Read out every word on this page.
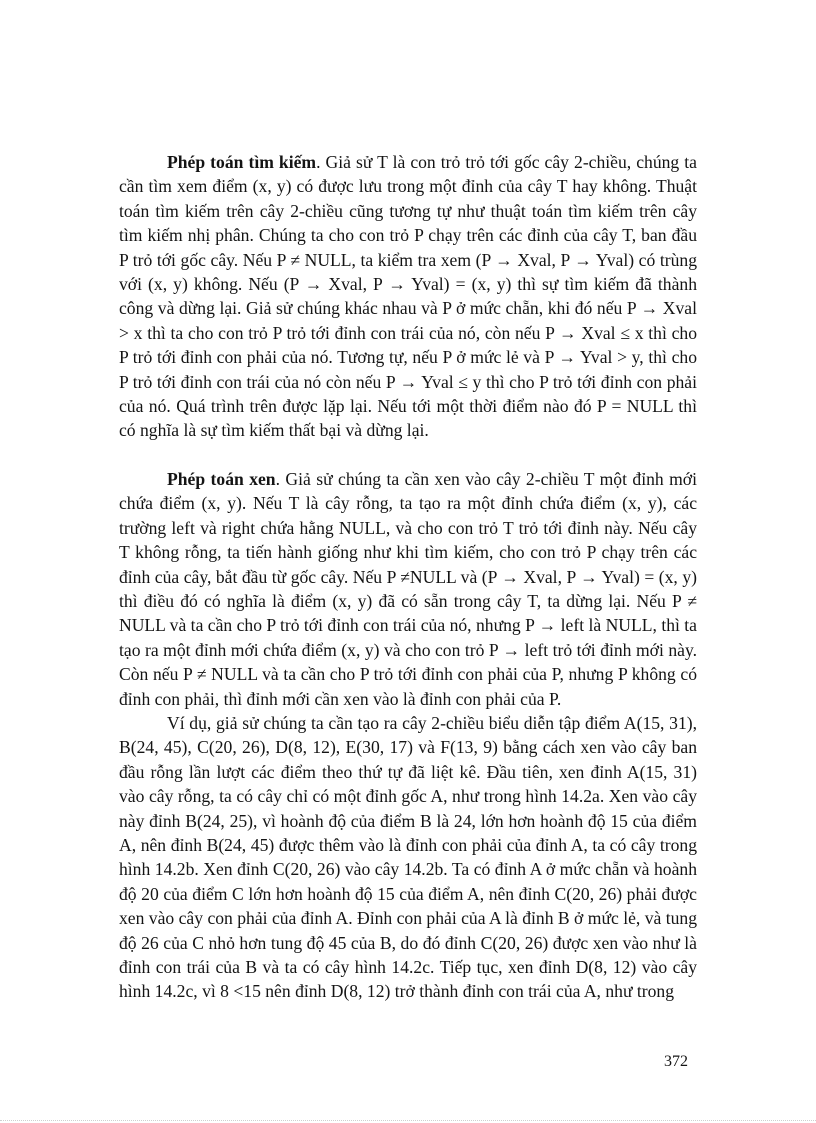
Phép toán tìm kiếm. Giả sử T là con trỏ trỏ tới gốc cây 2-chiều, chúng ta cần tìm xem điểm (x, y) có được lưu trong một đỉnh của cây T hay không. Thuật toán tìm kiếm trên cây 2-chiều cũng tương tự như thuật toán tìm kiếm trên cây tìm kiếm nhị phân. Chúng ta cho con trỏ P chạy trên các đỉnh của cây T, ban đầu P trỏ tới gốc cây. Nếu P ≠ NULL, ta kiểm tra xem (P → Xval, P → Yval) có trùng với (x, y) không. Nếu (P → Xval, P → Yval) = (x, y) thì sự tìm kiếm đã thành công và dừng lại. Giả sử chúng khác nhau và P ở mức chẵn, khi đó nếu P → Xval > x thì ta cho con trỏ P trỏ tới đỉnh con trái của nó, còn nếu P → Xval ≤ x thì cho P trỏ tới đỉnh con phải của nó. Tương tự, nếu P ở mức lẻ và P → Yval > y, thì cho P trỏ tới đỉnh con trái của nó còn nếu P → Yval ≤ y thì cho P trỏ tới đỉnh con phải của nó. Quá trình trên được lặp lại. Nếu tới một thời điểm nào đó P = NULL thì có nghĩa là sự tìm kiếm thất bại và dừng lại.

Phép toán xen. Giả sử chúng ta cần xen vào cây 2-chiều T một đỉnh mới chứa điểm (x, y). Nếu T là cây rỗng, ta tạo ra một đỉnh chứa điểm (x, y), các trường left và right chứa hằng NULL, và cho con trỏ T trỏ tới đỉnh này. Nếu cây T không rỗng, ta tiến hành giống như khi tìm kiếm, cho con trỏ P chạy trên các đỉnh của cây, bắt đầu từ gốc cây. Nếu P ≠NULL và (P → Xval, P → Yval) = (x, y) thì điều đó có nghĩa là điểm (x, y) đã có sẵn trong cây T, ta dừng lại. Nếu P ≠ NULL và ta cần cho P trỏ tới đỉnh con trái của nó, nhưng P → left là NULL, thì ta tạo ra một đỉnh mới chứa điểm (x, y) và cho con trỏ P → left trỏ tới đỉnh mới này. Còn nếu P ≠ NULL và ta cần cho P trỏ tới đỉnh con phải của P, nhưng P không có đỉnh con phải, thì đỉnh mới cần xen vào là đỉnh con phải của P.

Ví dụ, giả sử chúng ta cần tạo ra cây 2-chiều biểu diễn tập điểm A(15, 31), B(24, 45), C(20, 26), D(8, 12), E(30, 17) và F(13, 9) bằng cách xen vào cây ban đầu rỗng lần lượt các điểm theo thứ tự đã liệt kê. Đầu tiên, xen đỉnh A(15, 31) vào cây rỗng, ta có cây chỉ có một đỉnh gốc A, như trong hình 14.2a. Xen vào cây này đỉnh B(24, 25), vì hoành độ của điểm B là 24, lớn hơn hoành độ 15 của điểm A, nên đỉnh B(24, 45) được thêm vào là đỉnh con phải của đỉnh A, ta có cây trong hình 14.2b. Xen đỉnh C(20, 26) vào cây 14.2b. Ta có đỉnh A ở mức chẵn và hoành độ 20 của điểm C lớn hơn hoành độ 15 của điểm A, nên đỉnh C(20, 26) phải được xen vào cây con phải của đỉnh A. Đỉnh con phải của A là đỉnh B ở mức lẻ, và tung độ 26 của C nhỏ hơn tung độ 45 của B, do đó đỉnh C(20, 26) được xen vào như là đỉnh con trái của B và ta có cây hình 14.2c. Tiếp tục, xen đỉnh D(8, 12) vào cây hình 14.2c, vì 8 <15 nên đỉnh D(8, 12) trở thành đỉnh con trái của A, như trong

372
